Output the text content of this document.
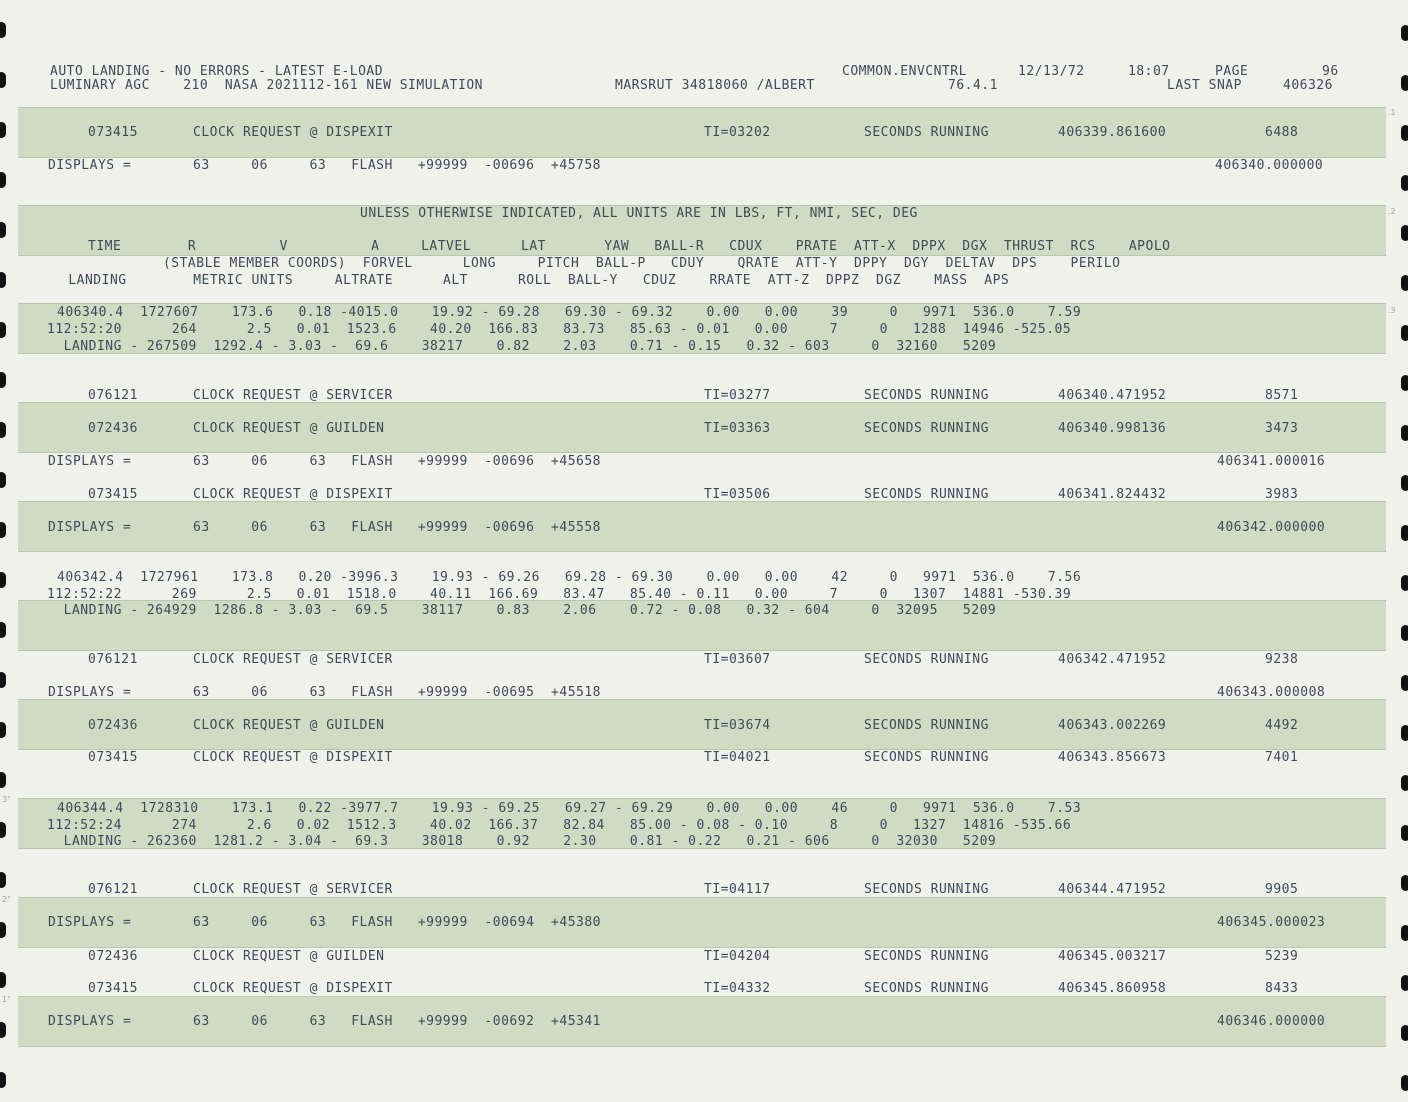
.1
.2
.3
3"
2"
1"
AUTO LANDING - NO ERRORS - LATEST E-LOAD
LUMINARY AGC    210  NASA 2021112-161 NEW SIMULATION	MARSRUT 34818060 /ALBERT
COMMON.ENVCNTRL
76.4.1
12/13/72	18:07	PAGE	96
LAST SNAP	406326
073415	CLOCK REQUEST @ DISPEXIT	TI=03202	SECONDS RUNNING	406339.861600	6488
DISPLAYS =	63     06     63   FLASH   +99999  -00696  +45758	406340.000000
UNLESS OTHERWISE INDICATED, ALL UNITS ARE IN LBS, FT, NMI, SEC, DEG
TIME        R          V          A     LATVEL      LAT       YAW   BALL-R   CDUX    PRATE  ATT-X  DPPX  DGX  THRUST  RCS    APOLO
(STABLE MEMBER COORDS)  FORVEL      LONG     PITCH  BALL-P   CDUY    QRATE  ATT-Y  DPPY  DGY  DELTAV  DPS    PERILO
LANDING        METRIC UNITS     ALTRATE      ALT      ROLL  BALL-Y   CDUZ    RRATE  ATT-Z  DPPZ  DGZ    MASS  APS
406340.4  1727607    173.6   0.18 -4015.0    19.92 - 69.28   69.30 - 69.32    0.00   0.00    39     0   9971  536.0    7.59
112:52:20      264      2.5   0.01  1523.6    40.20  166.83   83.73   85.63 - 0.01   0.00     7     0   1288  14946 -525.05
LANDING - 267509  1292.4 - 3.03 -  69.6    38217    0.82    2.03    0.71 - 0.15   0.32 - 603     0  32160   5209
076121	CLOCK REQUEST @ SERVICER	TI=03277	SECONDS RUNNING	406340.471952	8571
072436	CLOCK REQUEST @ GUILDEN	TI=03363	SECONDS RUNNING	406340.998136	3473
DISPLAYS =	63     06     63   FLASH   +99999  -00696  +45658	406341.000016
073415	CLOCK REQUEST @ DISPEXIT	TI=03506	SECONDS RUNNING	406341.824432	3983
DISPLAYS =	63     06     63   FLASH   +99999  -00696  +45558	406342.000000
406342.4  1727961    173.8   0.20 -3996.3    19.93 - 69.26   69.28 - 69.30    0.00   0.00    42     0   9971  536.0    7.56
112:52:22      269      2.5   0.01  1518.0    40.11  166.69   83.47   85.40 - 0.11   0.00     7     0   1307  14881 -530.39
LANDING - 264929  1286.8 - 3.03 -  69.5    38117    0.83    2.06    0.72 - 0.08   0.32 - 604     0  32095   5209
076121	CLOCK REQUEST @ SERVICER	TI=03607	SECONDS RUNNING	406342.471952	9238
DISPLAYS =	63     06     63   FLASH   +99999  -00695  +45518	406343.000008
072436	CLOCK REQUEST @ GUILDEN	TI=03674	SECONDS RUNNING	406343.002269	4492
073415	CLOCK REQUEST @ DISPEXIT	TI=04021	SECONDS RUNNING	406343.856673	7401
406344.4  1728310    173.1   0.22 -3977.7    19.93 - 69.25   69.27 - 69.29    0.00   0.00    46     0   9971  536.0    7.53
112:52:24      274      2.6   0.02  1512.3    40.02  166.37   82.84   85.00 - 0.08 - 0.10     8     0   1327  14816 -535.66
LANDING - 262360  1281.2 - 3.04 -  69.3    38018    0.92    2.30    0.81 - 0.22   0.21 - 606     0  32030   5209
076121	CLOCK REQUEST @ SERVICER	TI=04117	SECONDS RUNNING	406344.471952	9905
DISPLAYS =	63     06     63   FLASH   +99999  -00694  +45380	406345.000023
072436	CLOCK REQUEST @ GUILDEN	TI=04204	SECONDS RUNNING	406345.003217	5239
073415	CLOCK REQUEST @ DISPEXIT	TI=04332	SECONDS RUNNING	406345.860958	8433
DISPLAYS =	63     06     63   FLASH   +99999  -00692  +45341	406346.000000
